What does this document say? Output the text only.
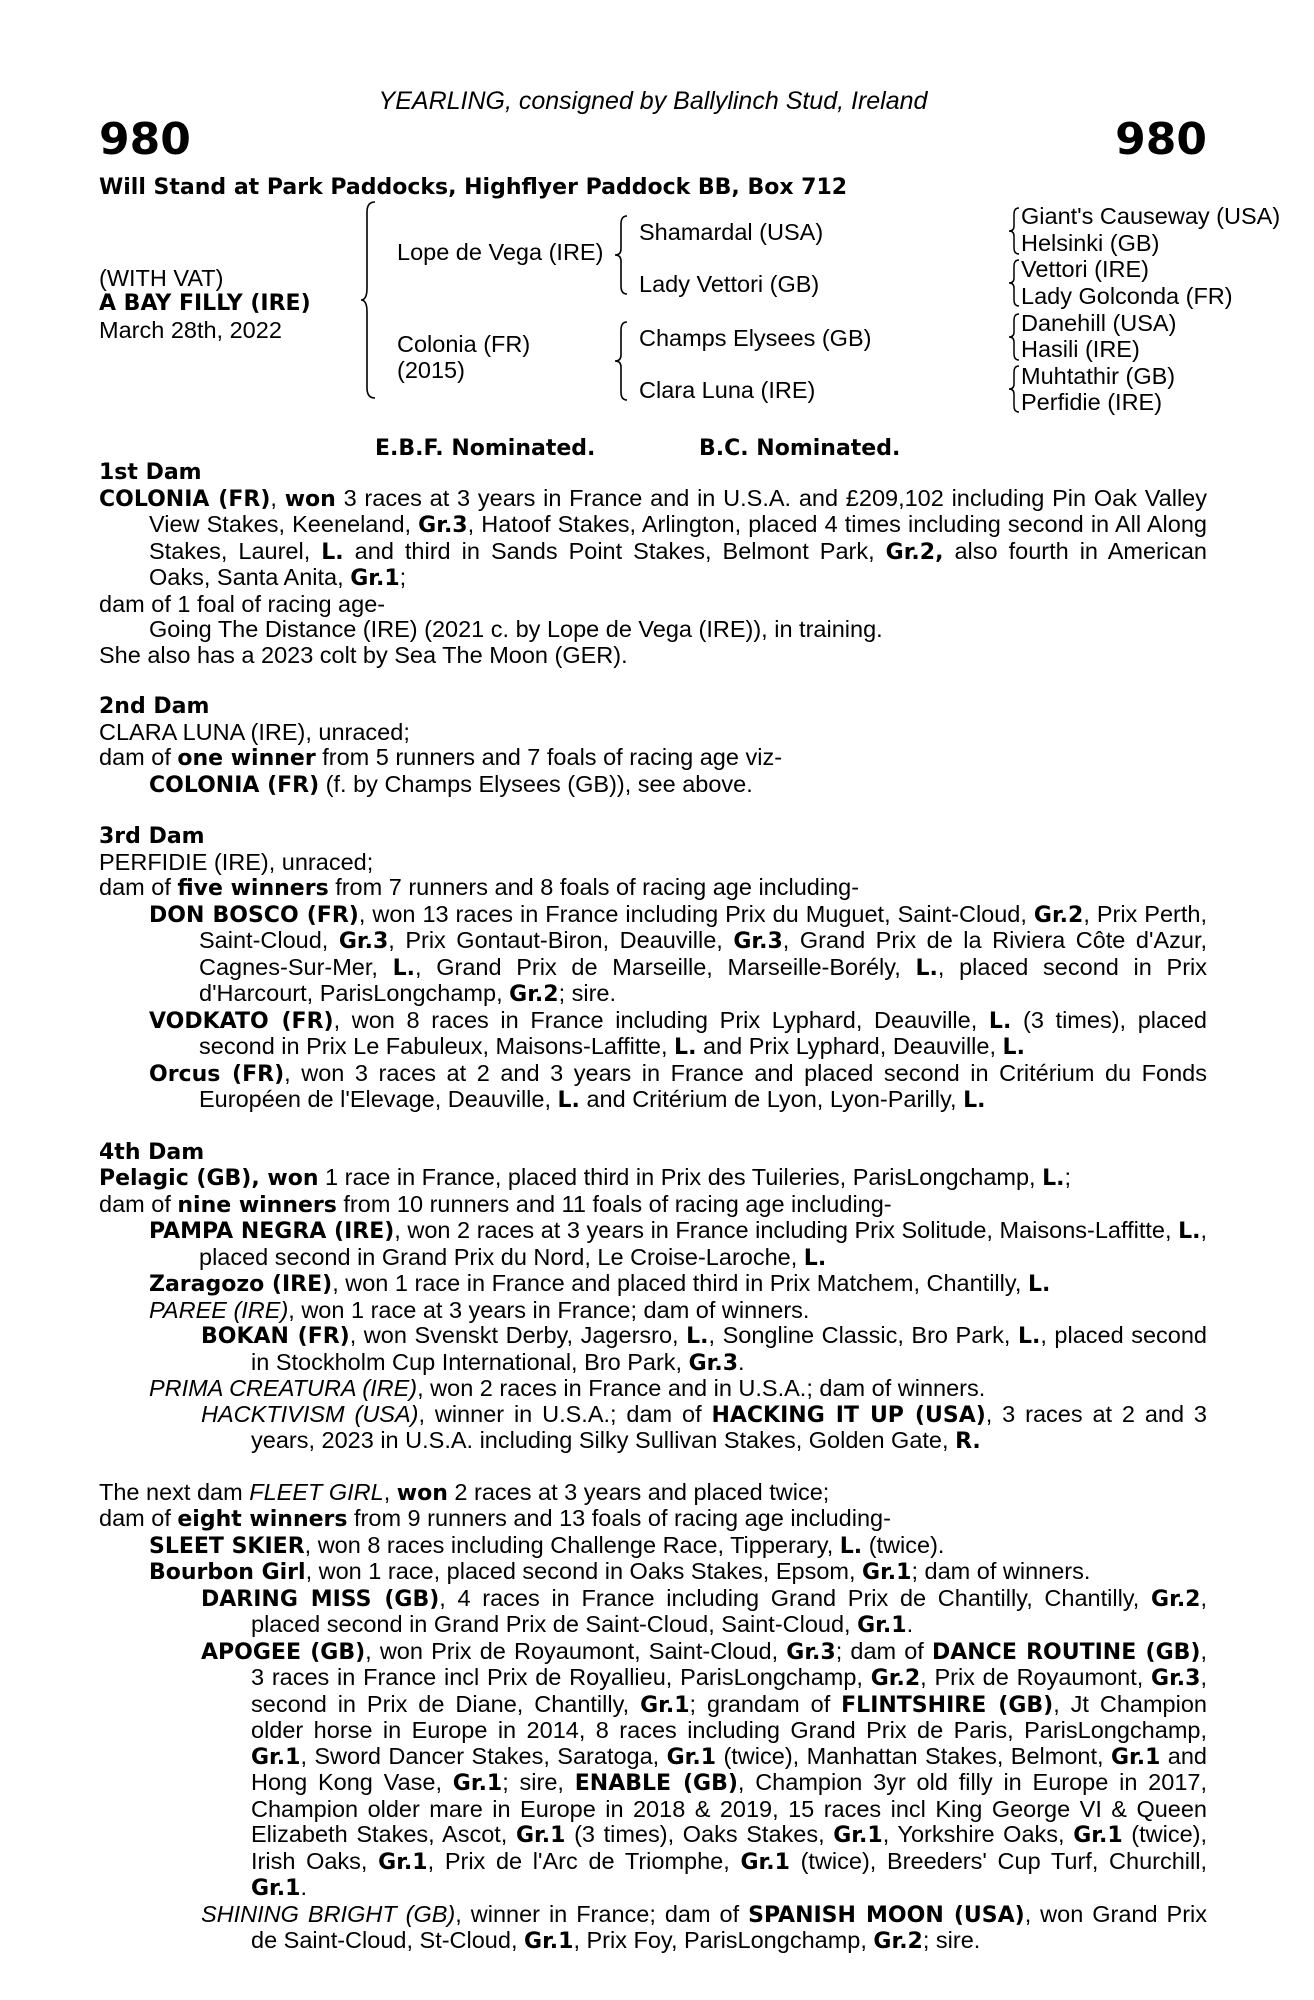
YEARLING, consigned by Ballylinch Stud, Ireland
980	980
Will Stand at Park Paddocks, Highflyer Paddock BB, Box 712
(WITH VAT)
A BAY FILLY (IRE)
March 28th, 2022
Lope de Vega (IRE)
Colonia (FR)
(2015)
Shamardal (USA)
Lady Vettori (GB)
Champs Elysees (GB)
Clara Luna (IRE)
Giant's Causeway (USA)
Helsinki (GB)
Vettori (IRE)
Lady Golconda (FR)
Danehill (USA)
Hasili (IRE)
Muhtathir (GB)
Perfidie (IRE)
E.B.F. Nominated.	B.C. Nominated.

1st Dam

COLONIA (FR), won 3 races at 3 years in France and in U.S.A. and £209,102 including Pin Oak Valley View Stakes, Keeneland, Gr.3, Hatoof Stakes, Arlington, placed 4 times including second in All Along Stakes, Laurel, L. and third in Sands Point Stakes, Belmont Park, Gr.2, also fourth in American Oaks, Santa Anita, Gr.1;

dam of 1 foal of racing age-

Going The Distance (IRE) (2021 c. by Lope de Vega (IRE)), in training.

She also has a 2023 colt by Sea The Moon (GER).

2nd Dam

CLARA LUNA (IRE), unraced;

dam of one winner from 5 runners and 7 foals of racing age viz-

COLONIA (FR) (f. by Champs Elysees (GB)), see above.

3rd Dam

PERFIDIE (IRE), unraced;

dam of five winners from 7 runners and 8 foals of racing age including-

DON BOSCO (FR), won 13 races in France including Prix du Muguet, Saint-Cloud, Gr.2, Prix Perth, Saint-Cloud, Gr.3, Prix Gontaut-Biron, Deauville, Gr.3, Grand Prix de la Riviera Côte d'Azur, Cagnes-Sur-Mer, L., Grand Prix de Marseille, Marseille-Borély, L., placed second in Prix d'Harcourt, ParisLongchamp, Gr.2; sire.

VODKATO (FR), won 8 races in France including Prix Lyphard, Deauville, L. (3 times), placed second in Prix Le Fabuleux, Maisons-Laffitte, L. and Prix Lyphard, Deauville, L.

Orcus (FR), won 3 races at 2 and 3 years in France and placed second in Critérium du Fonds Européen de l'Elevage, Deauville, L. and Critérium de Lyon, Lyon-Parilly, L.

4th Dam

Pelagic (GB), won 1 race in France, placed third in Prix des Tuileries, ParisLongchamp, L.;

dam of nine winners from 10 runners and 11 foals of racing age including-

PAMPA NEGRA (IRE), won 2 races at 3 years in France including Prix Solitude, Maisons-Laffitte, L., placed second in Grand Prix du Nord, Le Croise-Laroche, L.

Zaragozo (IRE), won 1 race in France and placed third in Prix Matchem, Chantilly, L.

PAREE (IRE), won 1 race at 3 years in France; dam of winners.

BOKAN (FR), won Svenskt Derby, Jagersro, L., Songline Classic, Bro Park, L., placed second in Stockholm Cup International, Bro Park, Gr.3.

PRIMA CREATURA (IRE), won 2 races in France and in U.S.A.; dam of winners.

HACKTIVISM (USA), winner in U.S.A.; dam of HACKING IT UP (USA), 3 races at 2 and 3 years, 2023 in U.S.A. including Silky Sullivan Stakes, Golden Gate, R.

The next dam FLEET GIRL, won 2 races at 3 years and placed twice;

dam of eight winners from 9 runners and 13 foals of racing age including-

SLEET SKIER, won 8 races including Challenge Race, Tipperary, L. (twice).

Bourbon Girl, won 1 race, placed second in Oaks Stakes, Epsom, Gr.1; dam of winners.

DARING MISS (GB), 4 races in France including Grand Prix de Chantilly, Chantilly, Gr.2, placed second in Grand Prix de Saint-Cloud, Saint-Cloud, Gr.1.

APOGEE (GB), won Prix de Royaumont, Saint-Cloud, Gr.3; dam of DANCE ROUTINE (GB), 3 races in France incl Prix de Royallieu, ParisLongchamp, Gr.2, Prix de Royaumont, Gr.3, second in Prix de Diane, Chantilly, Gr.1; grandam of FLINTSHIRE (GB), Jt Champion older horse in Europe in 2014, 8 races including Grand Prix de Paris, ParisLongchamp, Gr.1, Sword Dancer Stakes, Saratoga, Gr.1 (twice), Manhattan Stakes, Belmont, Gr.1 and Hong Kong Vase, Gr.1; sire, ENABLE (GB), Champion 3yr old filly in Europe in 2017, Champion older mare in Europe in 2018 & 2019, 15 races incl King George VI & Queen Elizabeth Stakes, Ascot, Gr.1 (3 times), Oaks Stakes, Gr.1, Yorkshire Oaks, Gr.1 (twice), Irish Oaks, Gr.1, Prix de l'Arc de Triomphe, Gr.1 (twice), Breeders' Cup Turf, Churchill, Gr.1.

SHINING BRIGHT (GB), winner in France; dam of SPANISH MOON (USA), won Grand Prix de Saint-Cloud, St-Cloud, Gr.1, Prix Foy, ParisLongchamp, Gr.2; sire.
